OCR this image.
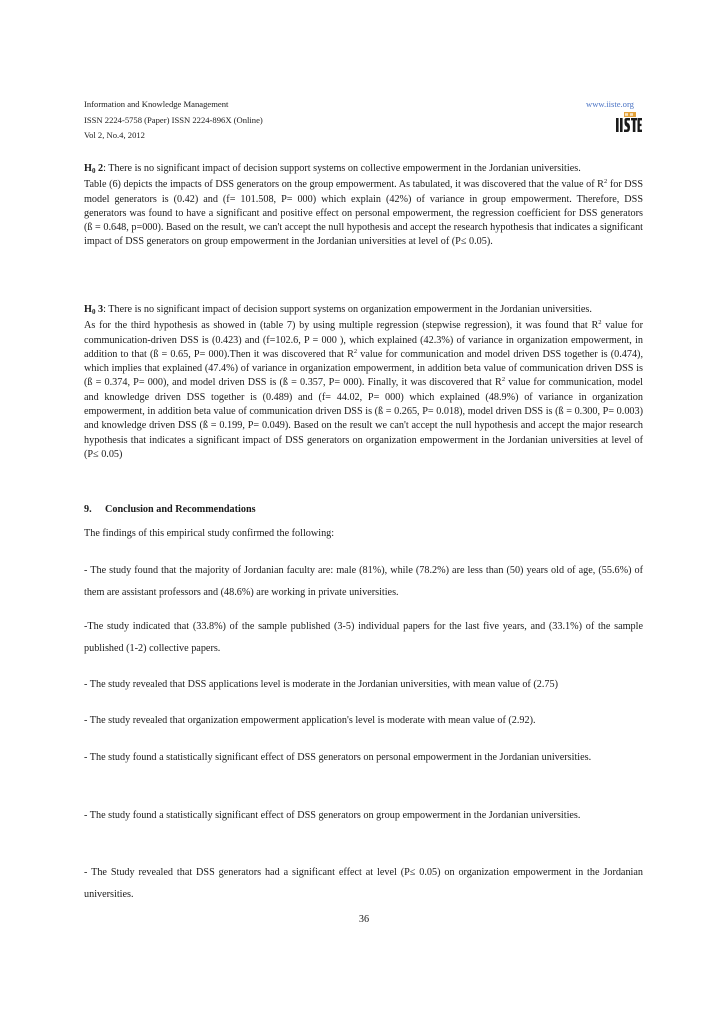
Information and Knowledge Management
ISSN 2224-5758 (Paper) ISSN 2224-896X (Online)
Vol 2, No.4, 2012
www.iiste.org

$H_0$ 2: There is no significant impact of decision support systems on collective empowerment in the Jordanian universities.

Table (6) depicts the impacts of DSS generators on the group empowerment. As tabulated, it was discovered that the value of $R^2$ for DSS model generators is (0.42) and (f= 101.508, P= 000) which explain (42%) of variance in group empowerment. Therefore, DSS generators was found to have a significant and positive effect on personal empowerment, the regression coefficient for DSS generators (ß = 0.648, p=000). Based on the result, we can't accept the null hypothesis and accept the research hypothesis that indicates a significant impact of DSS generators on group empowerment in the Jordanian universities at level of (P≤ 0.05).

$H_0$ 3: There is no significant impact of decision support systems on organization empowerment in the Jordanian universities.

As for the third hypothesis as showed in (table 7) by using multiple regression (stepwise regression), it was found that $R^2$ value for communication-driven DSS is (0.423) and (f=102.6, P = 000 ), which explained (42.3%) of variance in organization empowerment, in addition to that (ß = 0.65, P= 000).Then it was discovered that $R^2$ value for communication and model driven DSS together is (0.474), which implies that explained (47.4%) of variance in organization empowerment, in addition beta value of communication driven DSS is (ß = 0.374, P= 000), and model driven DSS is (ß = 0.357, P= 000). Finally, it was discovered that $R^2$ value for communication, model and knowledge driven DSS together is (0.489) and (f= 44.02, P= 000) which explained (48.9%) of variance in organization empowerment, in addition beta value of communication driven DSS is (ß = 0.265, P= 0.018), model driven DSS is (ß = 0.300, P= 0.003) and knowledge driven DSS (ß = 0.199, P= 0.049). Based on the result we can't accept the null hypothesis and accept the major research hypothesis that indicates a significant impact of DSS generators on organization empowerment in the Jordanian universities at level of (P≤ 0.05)

9. Conclusion and Recommendations
The findings of this empirical study confirmed the following:
- The study found that the majority of Jordanian faculty are: male (81%), while (78.2%) are less than (50) years old of age, (55.6%) of them are assistant professors and (48.6%) are working in private universities.
-The study indicated that (33.8%) of the sample published (3-5) individual papers for the last five years, and (33.1%) of the sample published (1-2) collective papers.
- The study revealed that DSS applications level is moderate in the Jordanian universities, with mean value of (2.75)
- The study revealed that organization empowerment application's level is moderate with mean value of (2.92).
- The study found a statistically significant effect of DSS generators on personal empowerment in the Jordanian universities.
- The study found a statistically significant effect of DSS generators on group empowerment in the Jordanian universities.
- The Study revealed that DSS generators had a significant effect at level (P≤ 0.05) on organization empowerment in the Jordanian universities.
36
